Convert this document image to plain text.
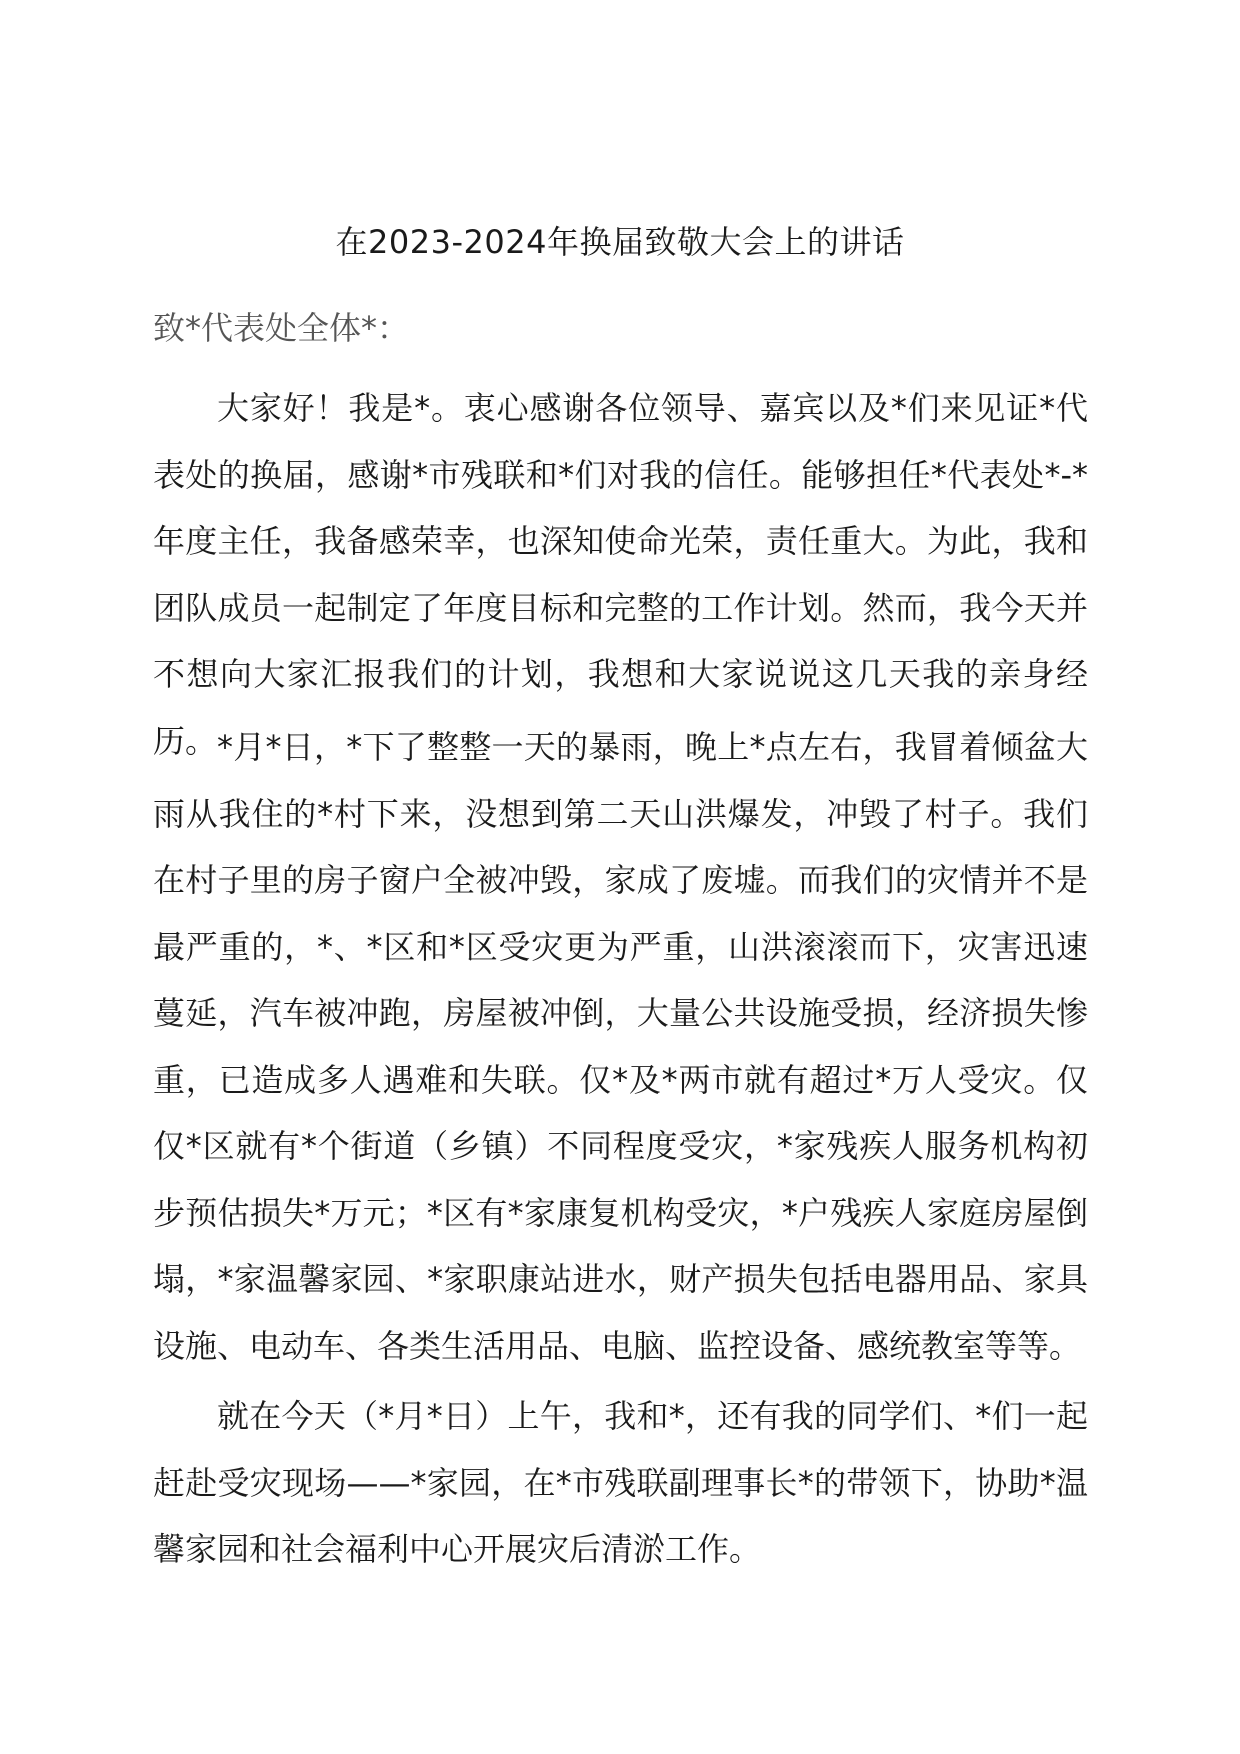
在2023-2024年换届致敬大会上的讲话

致*代表处全体*：

大家好！我是*。衷心感谢各位领导、嘉宾以及*们来见证*代表处的换届，感谢*市残联和*们对我的信任。能够担任*代表处*-*年度主任，我备感荣幸，也深知使命光荣，责任重大。为此，我和团队成员一起制定了年度目标和完整的工作计划。然而，我今天并不想向大家汇报我们的计划，我想和大家说说这几天我的亲身经历。 *月*日，*下了整整一天的暴雨，晚上*点左右，我冒着倾盆大雨从我住的*村下来，没想到第二天山洪爆发，冲毁了村子。我们在村子里的房子窗户全被冲毁，家成了废墟。而我们的灾情并不是最严重的，*、*区和*区受灾更为严重，山洪滚滚而下，灾害迅速蔓延，汽车被冲跑，房屋被冲倒，大量公共设施受损，经济损失惨重，已造成多人遇难和失联。仅*及*两市就有超过*万人受灾。仅仅*区就有*个街道（乡镇）不同程度受灾，*家残疾人服务机构初步预估损失*万元；*区有*家康复机构受灾，*户残疾人家庭房屋倒塌，*家温馨家园、*家职康站进水，财产损失包括电器用品、家具设施、电动车、各类生活用品、电脑、监控设备、感统教室等等。

就在今天（*月*日）上午，我和*，还有我的同学们、*们一起赶赴受灾现场——*家园，在*市残联副理事长*的带领下，协助*温馨家园和社会福利中心开展灾后清淤工作。
